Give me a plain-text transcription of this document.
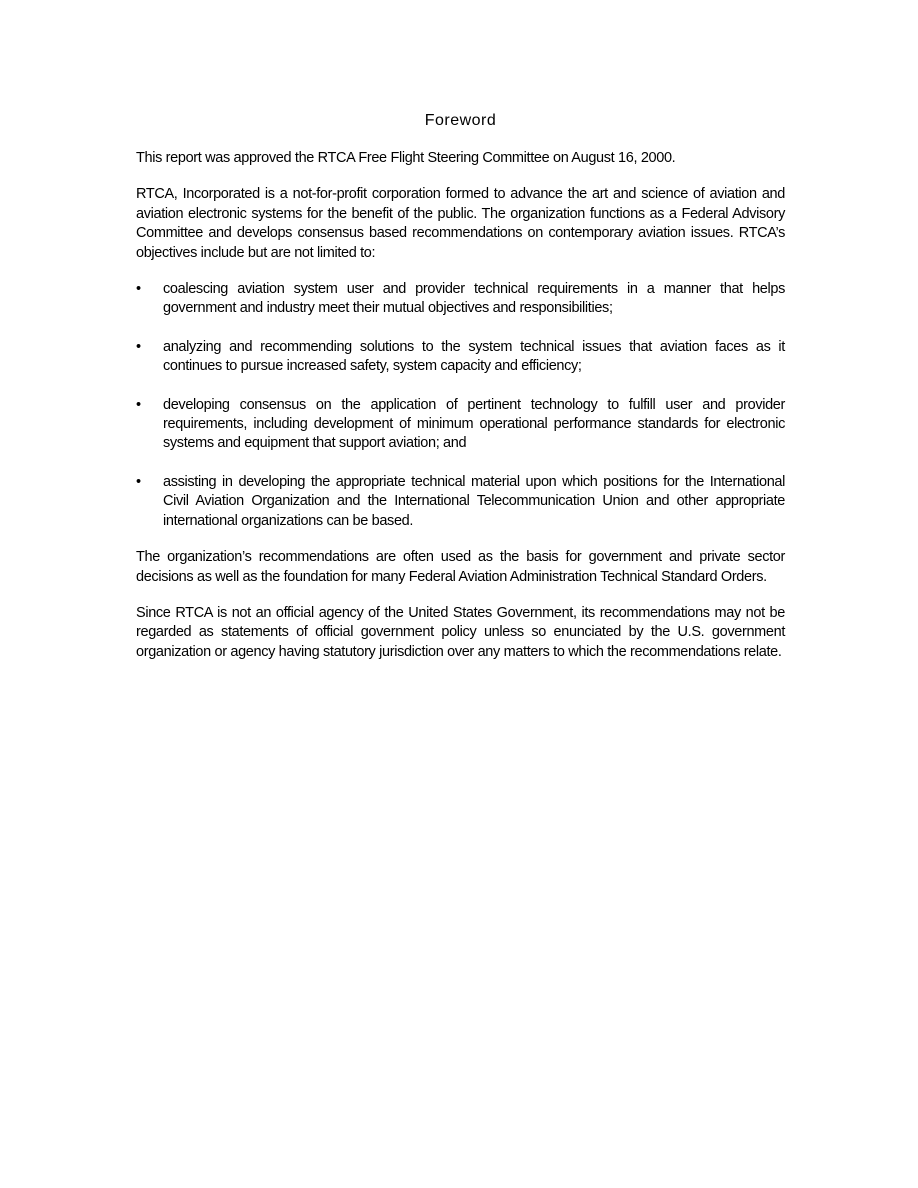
Foreword

This report was approved the RTCA Free Flight Steering Committee on August 16, 2000.

RTCA, Incorporated is a not-for-profit corporation formed to advance the art and science of aviation and aviation electronic systems for the benefit of the public. The organization functions as a Federal Advisory Committee and develops consensus based recommendations on contemporary aviation issues. RTCA’s objectives include but are not limited to:

• coalescing aviation system user and provider technical requirements in a manner that helps government and industry meet their mutual objectives and responsibilities;
• analyzing and recommending solutions to the system technical issues that aviation faces as it continues to pursue increased safety, system capacity and efficiency;
• developing consensus on the application of pertinent technology to fulfill user and provider requirements, including development of minimum operational performance standards for electronic systems and equipment that support aviation; and
• assisting in developing the appropriate technical material upon which positions for the International Civil Aviation Organization and the International Telecommunication Union and other appropriate international organizations can be based.

The organization’s recommendations are often used as the basis for government and private sector decisions as well as the foundation for many Federal Aviation Administration Technical Standard Orders.

Since RTCA is not an official agency of the United States Government, its recommendations may not be regarded as statements of official government policy unless so enunciated by the U.S. government organization or agency having statutory jurisdiction over any matters to which the recommendations relate.
